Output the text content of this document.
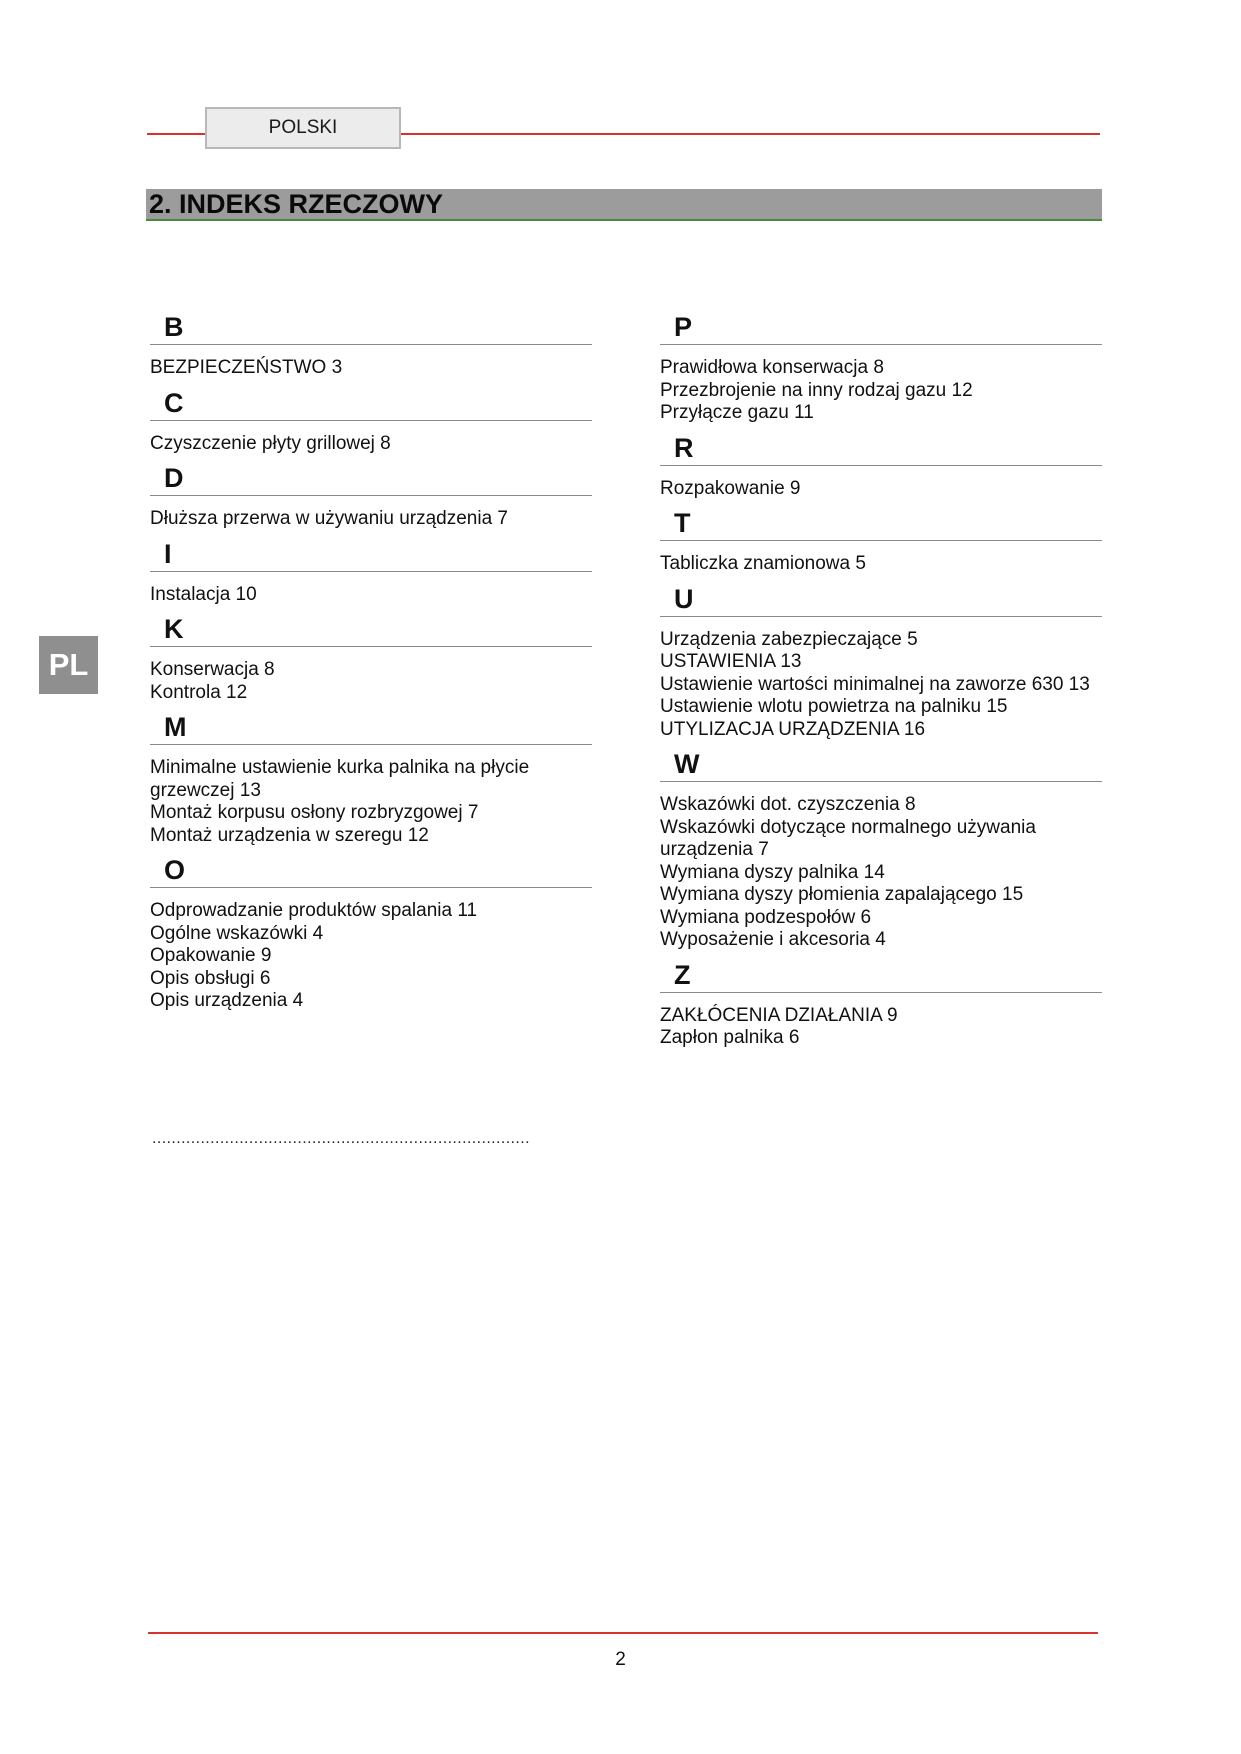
POLSKI
2. INDEKS RZECZOWY
PL
B
BEZPIECZEŃSTWO 3
C
Czyszczenie płyty grillowej 8
D
Dłuższa przerwa w używaniu urządzenia 7
I
Instalacja 10
K
Konserwacja 8
Kontrola 12
M
Minimalne ustawienie kurka palnika na płycie grzewczej 13
Montaż korpusu osłony rozbryzgowej 7
Montaż urządzenia w szeregu 12
O
Odprowadzanie produktów spalania 11
Ogólne wskazówki 4
Opakowanie 9
Opis obsługi 6
Opis urządzenia 4
P
Prawidłowa konserwacja 8
Przezbrojenie na inny rodzaj gazu 12
Przyłącze gazu 11
R
Rozpakowanie 9
T
Tabliczka znamionowa 5
U
Urządzenia zabezpieczające 5
USTAWIENIA 13
Ustawienie wartości minimalnej na zaworze 630 13
Ustawienie wlotu powietrza na palniku 15
UTYLIZACJA URZĄDZENIA 16
W
Wskazówki dot. czyszczenia 8
Wskazówki dotyczące normalnego używania urządzenia 7
Wymiana dyszy palnika 14
Wymiana dyszy płomienia zapalającego 15
Wymiana podzespołów 6
Wyposażenie i akcesoria 4
Z
ZAKŁÓCENIA DZIAŁANIA 9
Zapłon palnika 6
..............................................................................
2
